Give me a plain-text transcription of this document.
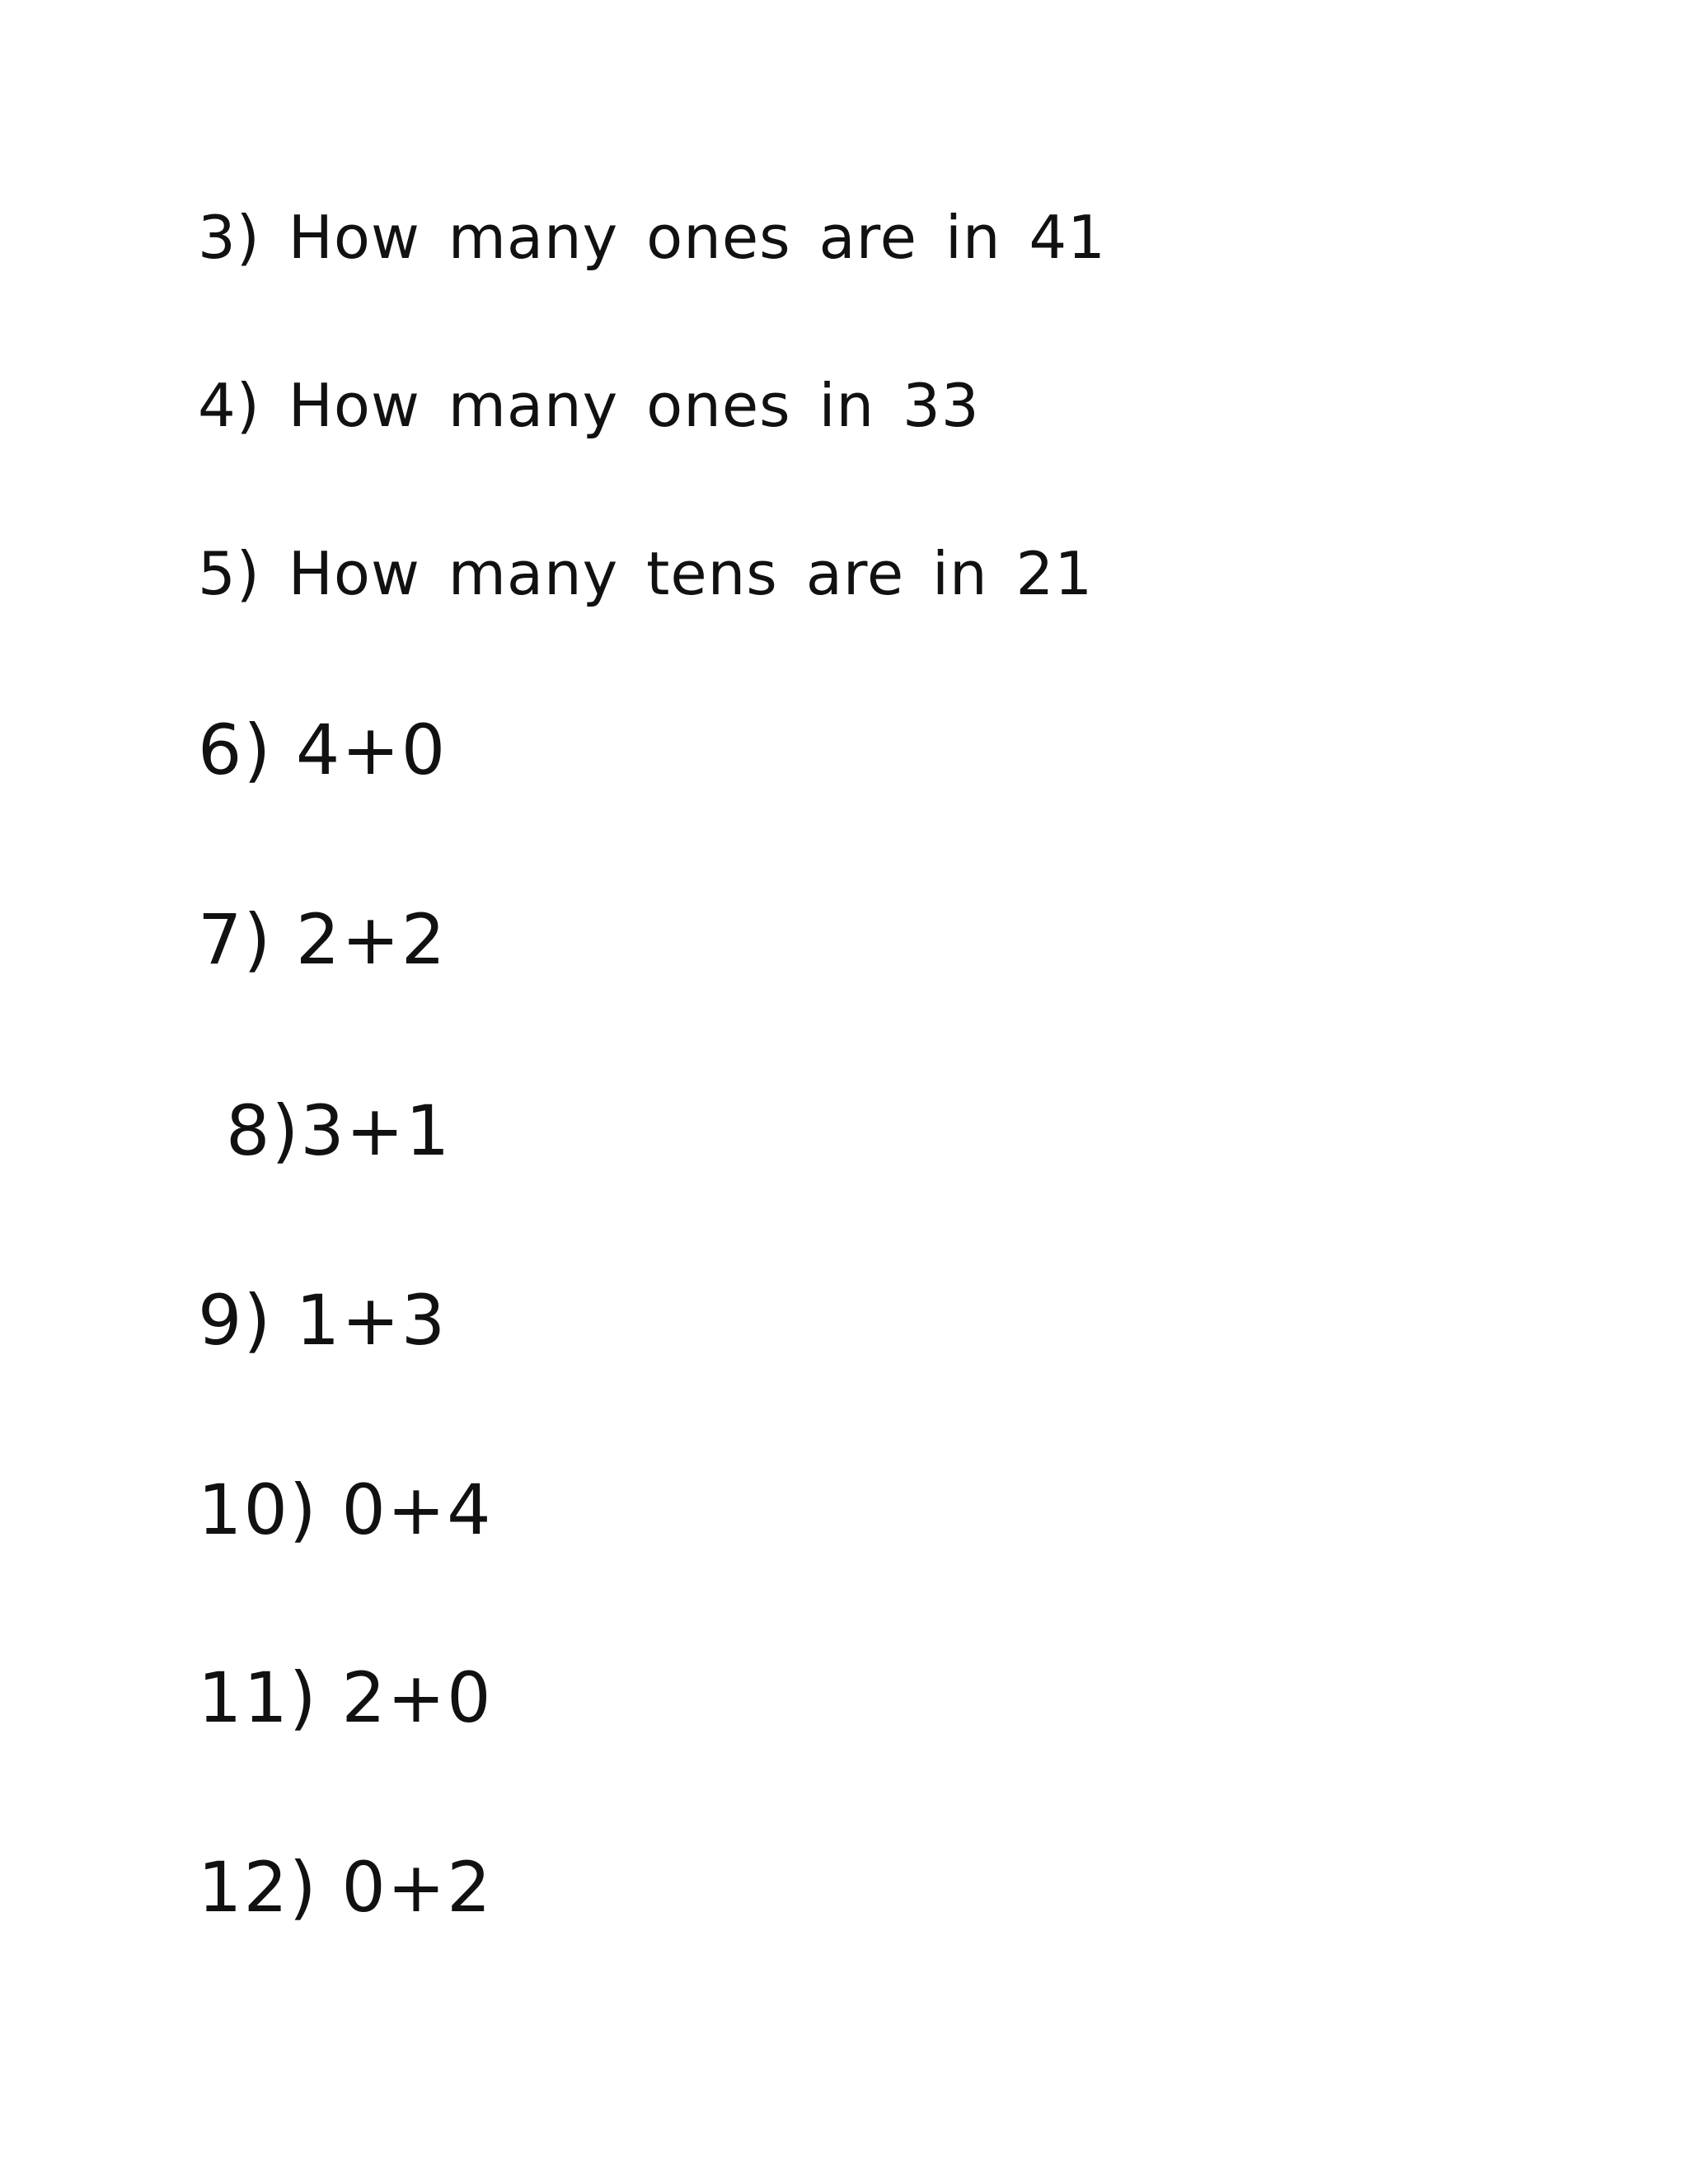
3) How many ones are in 41

4) How many ones in 33

5) How many tens are in 21

6) 4+0

7) 2+2

8)3+1

9) 1+3

10) 0+4

11) 2+0

12) 0+2
